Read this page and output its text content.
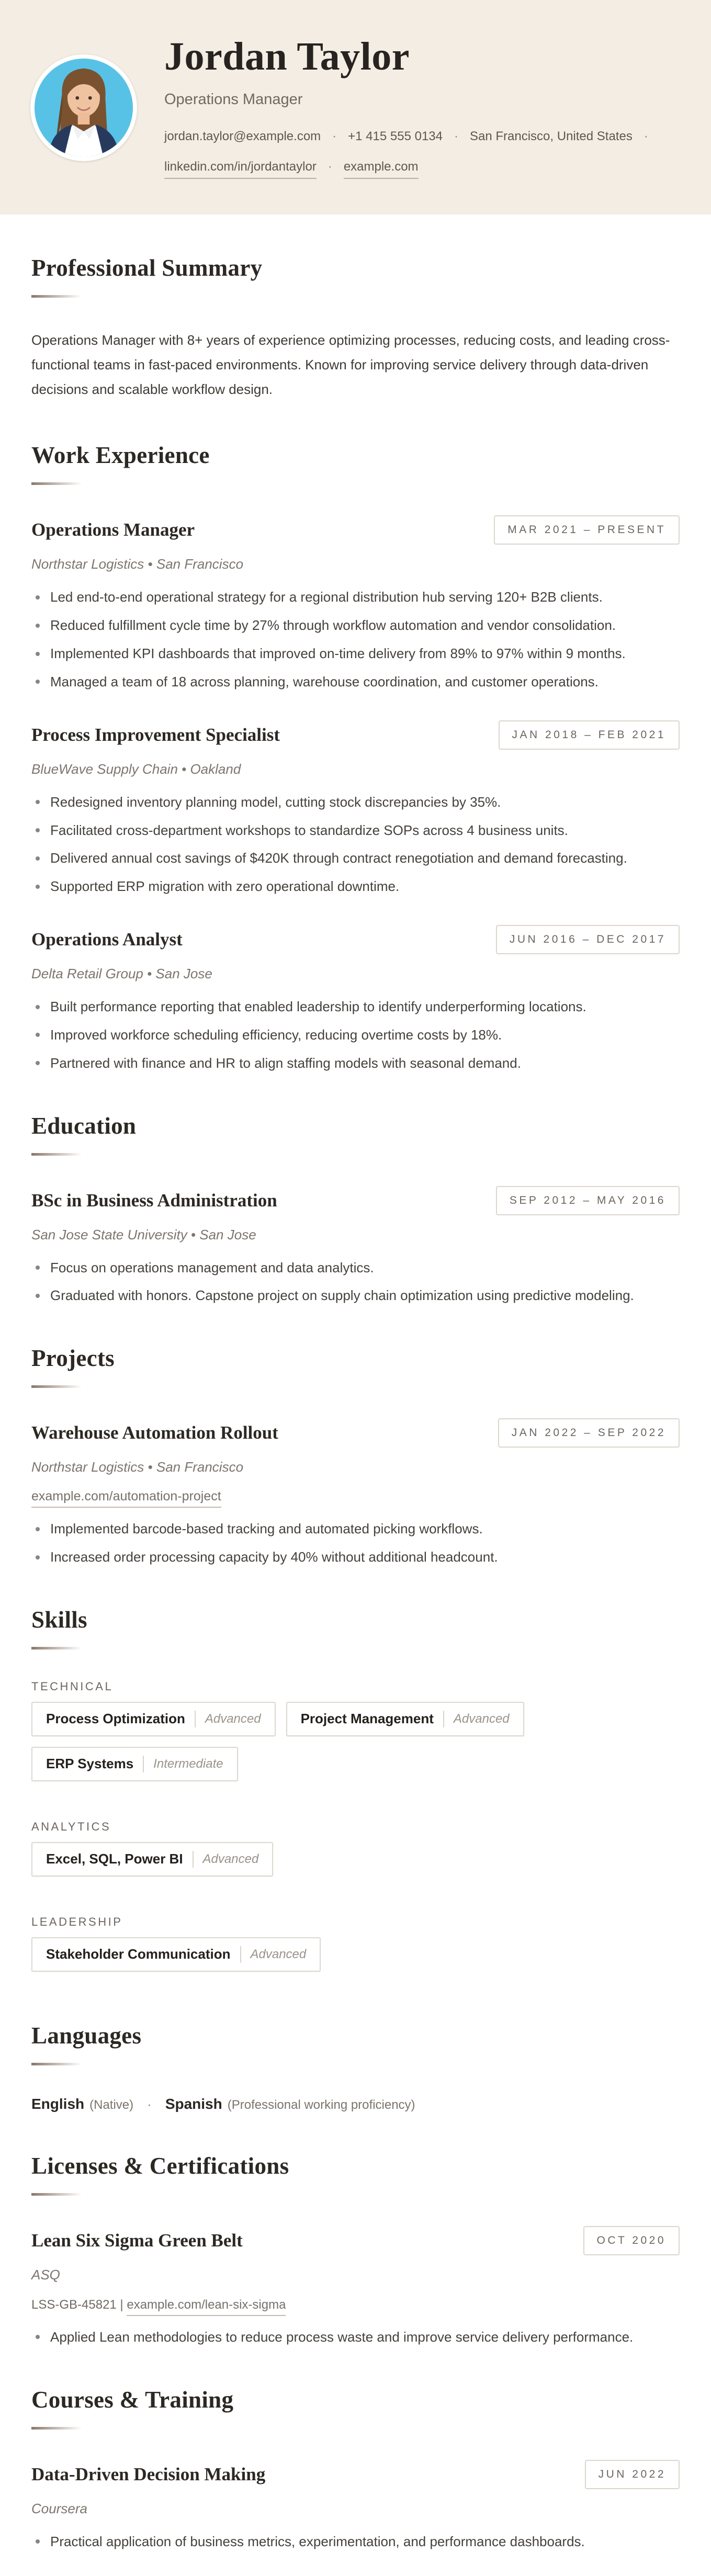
Jordan Taylor
Operations Manager
jordan.taylor@example.com · +1 415 555 0134 · San Francisco, United States ·
linkedin.com/in/jordantaylor · example.com
Professional Summary

Operations Manager with 8+ years of experience optimizing processes, reducing costs, and leading cross-functional teams in fast-paced environments. Known for improving service delivery through data-driven decisions and scalable workflow design.

Work Experience
Operations Manager	MAR 2021 – PRESENT
Northstar Logistics • San Francisco
Led end-to-end operational strategy for a regional distribution hub serving 120+ B2B clients.
Reduced fulfillment cycle time by 27% through workflow automation and vendor consolidation.
Implemented KPI dashboards that improved on-time delivery from 89% to 97% within 9 months.
Managed a team of 18 across planning, warehouse coordination, and customer operations.
Process Improvement Specialist	JAN 2018 – FEB 2021
BlueWave Supply Chain • Oakland
Redesigned inventory planning model, cutting stock discrepancies by 35%.
Facilitated cross-department workshops to standardize SOPs across 4 business units.
Delivered annual cost savings of $420K through contract renegotiation and demand forecasting.
Supported ERP migration with zero operational downtime.
Operations Analyst	JUN 2016 – DEC 2017
Delta Retail Group • San Jose
Built performance reporting that enabled leadership to identify underperforming locations.
Improved workforce scheduling efficiency, reducing overtime costs by 18%.
Partnered with finance and HR to align staffing models with seasonal demand.
Education
BSc in Business Administration	SEP 2012 – MAY 2016
San Jose State University • San Jose
Focus on operations management and data analytics.
Graduated with honors. Capstone project on supply chain optimization using predictive modeling.
Projects
Warehouse Automation Rollout	JAN 2022 – SEP 2022
Northstar Logistics • San Francisco
example.com/automation-project
Implemented barcode-based tracking and automated picking workflows.
Increased order processing capacity by 40% without additional headcount.
Skills
TECHNICAL
Process Optimization Advanced	Project Management Advanced
ERP Systems Intermediate
ANALYTICS
Excel, SQL, Power BI Advanced
LEADERSHIP
Stakeholder Communication Advanced
Languages
English (Native) · Spanish (Professional working proficiency)
Licenses & Certifications
Lean Six Sigma Green Belt	OCT 2020
ASQ
LSS-GB-45821 | example.com/lean-six-sigma
Applied Lean methodologies to reduce process waste and improve service delivery performance.
Courses & Training
Data-Driven Decision Making	JUN 2022
Coursera
Practical application of business metrics, experimentation, and performance dashboards.
